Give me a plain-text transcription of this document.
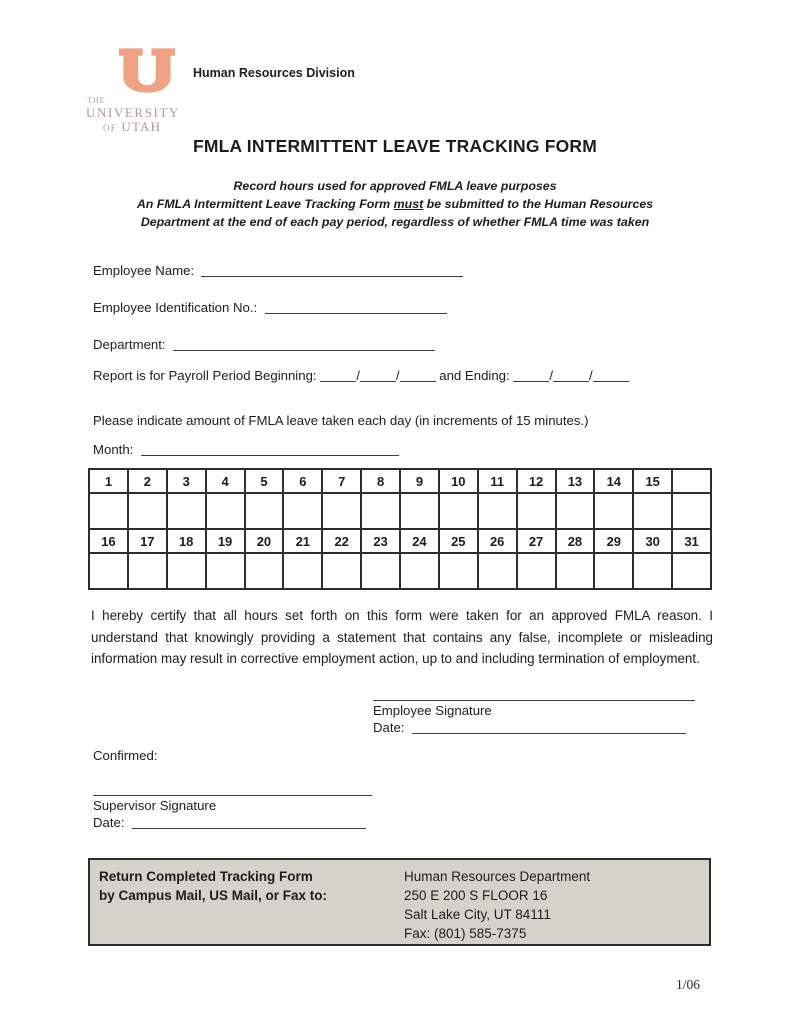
THE
UNIVERSITY
OF UTAH
Human Resources Division
FMLA INTERMITTENT LEAVE TRACKING FORM
Record hours used for approved FMLA leave purposes
An FMLA Intermittent Leave Tracking Form must be submitted to the Human Resources
Department at the end of each pay period, regardless of whether FMLA time was taken
Employee Name:
Employee Identification No.:
Department:
Report is for Payroll Period Beginning:	/	/	and Ending:	/	/
Please indicate amount of FMLA leave taken each day (in increments of 15 minutes.)
Month:
1	2	3	4	5	6	7	8	9	10	11	12	13	14	15	

16	17	18	19	20	21	22	23	24	25	26	27	28	29	30	31

I hereby certify that all hours set forth on this form were taken for an approved FMLA reason. I understand that knowingly providing a statement that contains any false, incomplete or misleading information may result in corrective employment action, up to and including termination of employment.
Employee Signature
Date:
Confirmed:
Supervisor Signature
Date:
Return Completed Tracking Form
by Campus Mail, US Mail, or Fax to:
Human Resources Department
250 E 200 S FLOOR 16
Salt Lake City, UT 84111
Fax: (801) 585-7375
1/06
